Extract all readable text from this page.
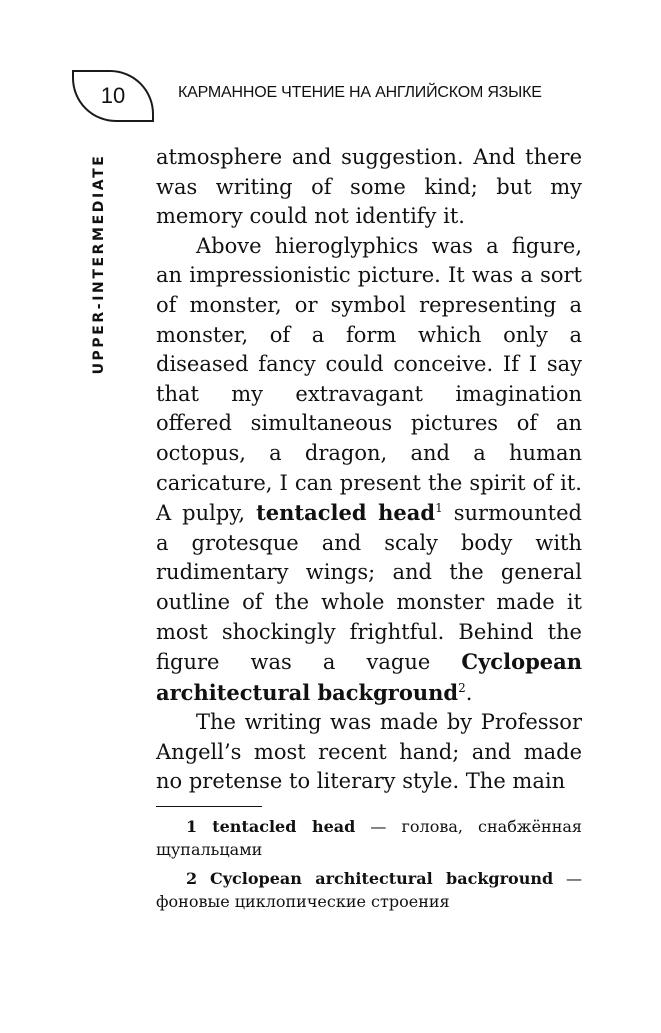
10	КАРМАННОЕ ЧТЕНИЕ НА АНГЛИЙСКОМ ЯЗЫКЕ
UPPER-INTERMEDIATE atmosphere and suggestion. And there was writing of some kind; but my memory could not identify it.

Above hieroglyphics was a figure, an impressionistic picture. It was a sort of monster, or symbol representing a monster, of a form which only a diseased fancy could conceive. If I say that my extravagant imagination offered simultaneous pictures of an octopus, a dragon, and a human caricature, I can present the spirit of it. A pulpy, tentacled head$^1$ surmounted a grotesque and scaly body with rudimentary wings; and the general outline of the whole monster made it most shockingly frightful. Behind the figure was a vague Cyclopean architectural background$^2$.

The writing was made by Professor Angell’s most recent hand; and made no pretense to literary style. The main

1 tentacled head — голова, снабжённая щупальцами

2 Cyclopean architectural background — фоновые циклопические строения
